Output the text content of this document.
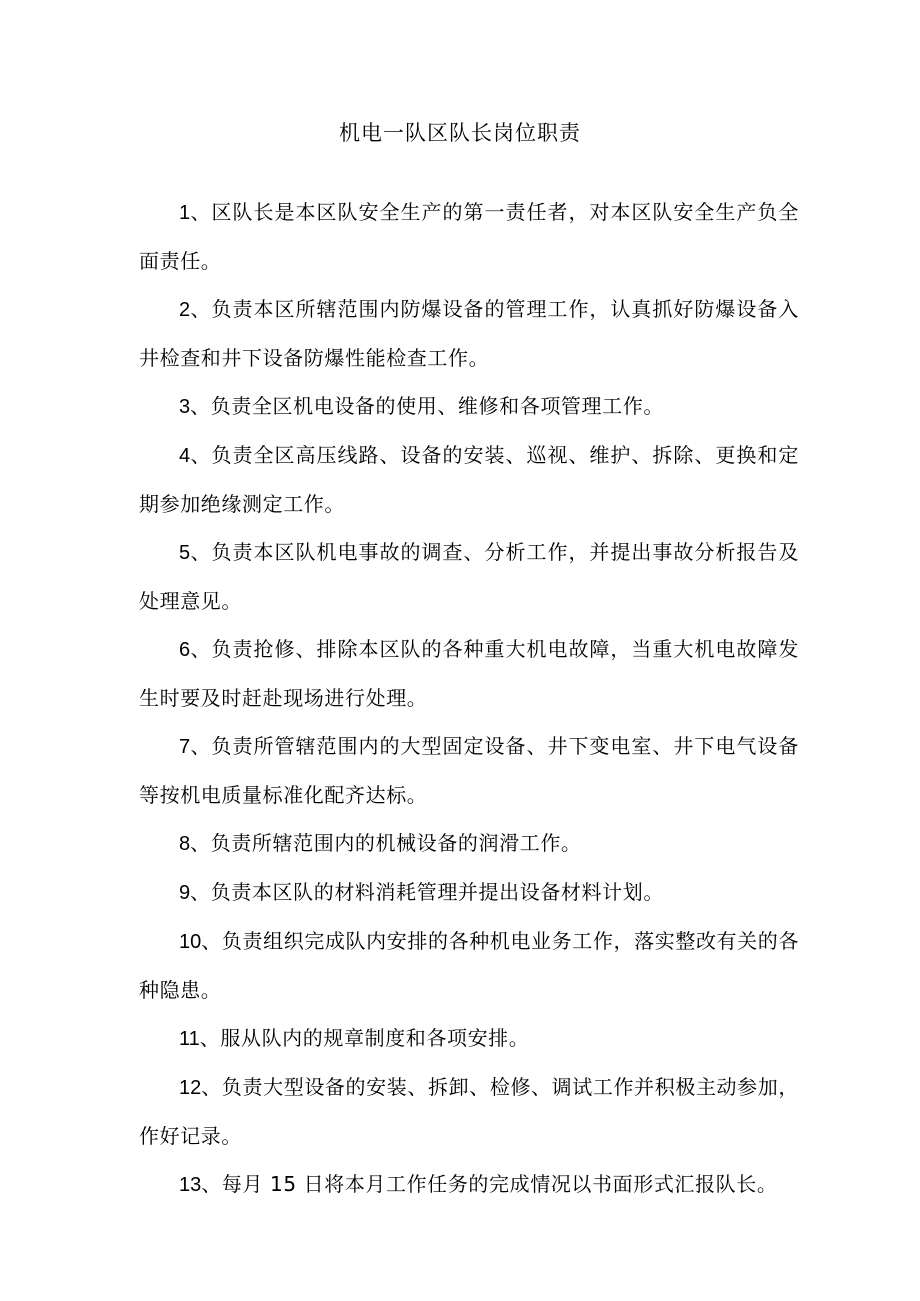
机电一队区队长岗位职责

1、区队长是本区队安全生产的第一责任者，对本区队安全生产负全面责任。

2、负责本区所辖范围内防爆设备的管理工作，认真抓好防爆设备入井检查和井下设备防爆性能检查工作。

3、负责全区机电设备的使用、维修和各项管理工作。

4、负责全区高压线路、设备的安装、巡视、维护、拆除、更换和定期参加绝缘测定工作。

5、负责本区队机电事故的调查、分析工作，并提出事故分析报告及处理意见。

6、负责抢修、排除本区队的各种重大机电故障，当重大机电故障发生时要及时赶赴现场进行处理。

7、负责所管辖范围内的大型固定设备、井下变电室、井下电气设备等按机电质量标准化配齐达标。

8、负责所辖范围内的机械设备的润滑工作。

9、负责本区队的材料消耗管理并提出设备材料计划。

10、负责组织完成队内安排的各种机电业务工作，落实整改有关的各种隐患。

11、服从队内的规章制度和各项安排。

12、负责大型设备的安装、拆卸、检修、调试工作并积极主动参加，作好记录。

13、每月 15 日将本月工作任务的完成情况以书面形式汇报队长。
